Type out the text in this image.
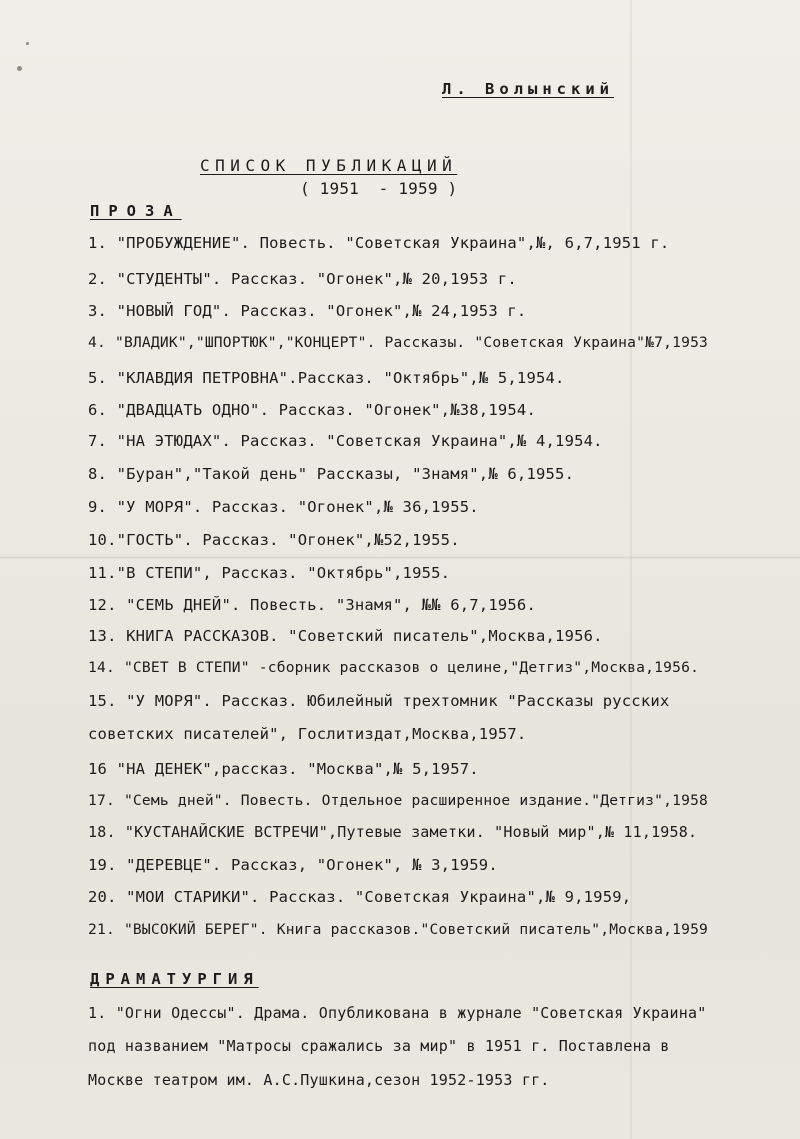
Л. Волынский
СПИСОК ПУБЛИКАЦИЙ
( 1951  - 1959 )
ПРОЗА
1. "ПРОБУЖДЕНИЕ". Повесть. "Советская Украина",№, 6,7,1951 г.
2. "СТУДЕНТЫ". Рассказ. "Огонек",№ 20,1953 г.
3. "НОВЫЙ ГОД". Рассказ. "Огонек",№ 24,1953 г.
4. "ВЛАДИК","ШПОРТЮК","КОНЦЕРТ". Рассказы. "Советская Украина"№7,1953
5. "КЛАВДИЯ ПЕТРОВНА".Рассказ. "Октябрь",№ 5,1954.
6. "ДВАДЦАТЬ ОДНО". Рассказ. "Огонек",№38,1954.
7. "НА ЭТЮДАХ". Рассказ. "Советская Украина",№ 4,1954.
8. "Буран","Такой день" Рассказы, "Знамя",№ 6,1955.
9. "У МОРЯ". Рассказ. "Огонек",№ 36,1955.
10."ГОСТЬ". Рассказ. "Огонек",№52,1955.
11."В СТЕПИ", Рассказ. "Октябрь",1955.
12. "СЕМЬ ДНЕЙ". Повесть. "Знамя", №№ 6,7,1956.
13. КНИГА РАССКАЗОВ. "Советский писатель",Москва,1956.
14. "СВЕТ В СТЕПИ" -сборник рассказов о целине,"Детгиз",Москва,1956.
15. "У МОРЯ". Рассказ. Юбилейный трехтомник "Рассказы русских
советских писателей", Гослитиздат,Москва,1957.
16 "НА ДЕНЕК",рассказ. "Москва",№ 5,1957.
17. "Семь дней". Повесть. Отдельное расширенное издание."Детгиз",1958
18. "КУСТАНАЙСКИЕ ВСТРЕЧИ",Путевые заметки. "Новый мир",№ 11,1958.
19. "ДЕРЕВЦЕ". Рассказ, "Огонек", № 3,1959.
20. "МОИ СТАРИКИ". Рассказ. "Советская Украина",№ 9,1959,
21. "ВЫСОКИЙ БЕРЕГ". Книга рассказов."Советский писатель",Москва,1959
ДРАМАТУРГИЯ
1. "Огни Одессы". Драма. Опубликована в журнале "Советская Украина"
под названием "Матросы сражались за мир" в 1951 г. Поставлена в
Москве театром им. А.С.Пушкина,сезон 1952-1953 гг.
